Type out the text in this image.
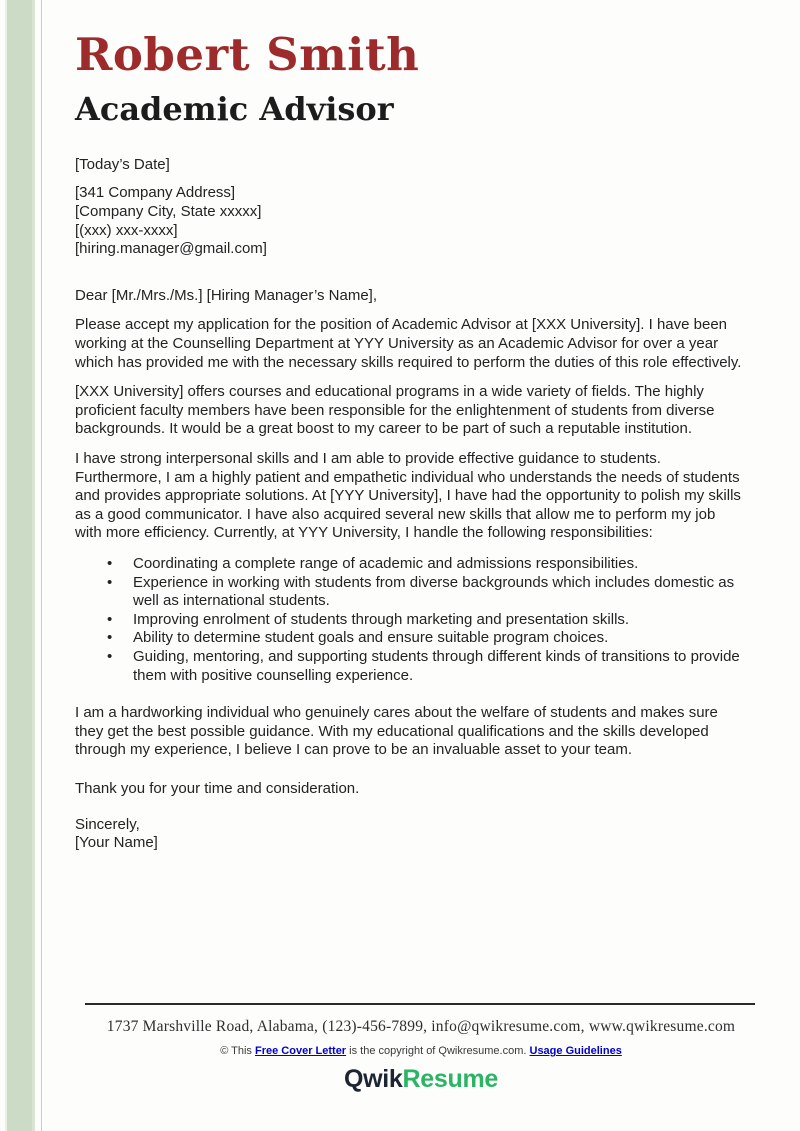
Robert Smith
Academic Advisor
[Today’s Date]
[341 Company Address]
[Company City, State xxxxx]
[(xxx) xxx-xxxx]
[hiring.manager@gmail.com]
Dear [Mr./Mrs./Ms.] [Hiring Manager’s Name],

Please accept my application for the position of Academic Advisor at [XXX University]. I have been working at the Counselling Department at YYY University as an Academic Advisor for over a year which has provided me with the necessary skills required to perform the duties of this role effectively.

[XXX University] offers courses and educational programs in a wide variety of fields. The highly proficient faculty members have been responsible for the enlightenment of students from diverse backgrounds. It would be a great boost to my career to be part of such a reputable institution.

I have strong interpersonal skills and I am able to provide effective guidance to students. Furthermore, I am a highly patient and empathetic individual who understands the needs of students and provides appropriate solutions. At [YYY University], I have had the opportunity to polish my skills as a good communicator. I have also acquired several new skills that allow me to perform my job with more efficiency. Currently, at YYY University, I handle the following responsibilities:

• Coordinating a complete range of academic and admissions responsibilities.
• Experience in working with students from diverse backgrounds which includes domestic as well as international students.
• Improving enrolment of students through marketing and presentation skills.
• Ability to determine student goals and ensure suitable program choices.
• Guiding, mentoring, and supporting students through different kinds of transitions to provide them with positive counselling experience.

I am a hardworking individual who genuinely cares about the welfare of students and makes sure they get the best possible guidance. With my educational qualifications and the skills developed through my experience, I believe I can prove to be an invaluable asset to your team.

Thank you for your time and consideration.

Sincerely,
[Your Name]
1737 Marshville Road, Alabama, (123)-456-7899, info@qwikresume.com, www.qwikresume.com
© This Free Cover Letter is the copyright of Qwikresume.com. Usage Guidelines
QwikResume
